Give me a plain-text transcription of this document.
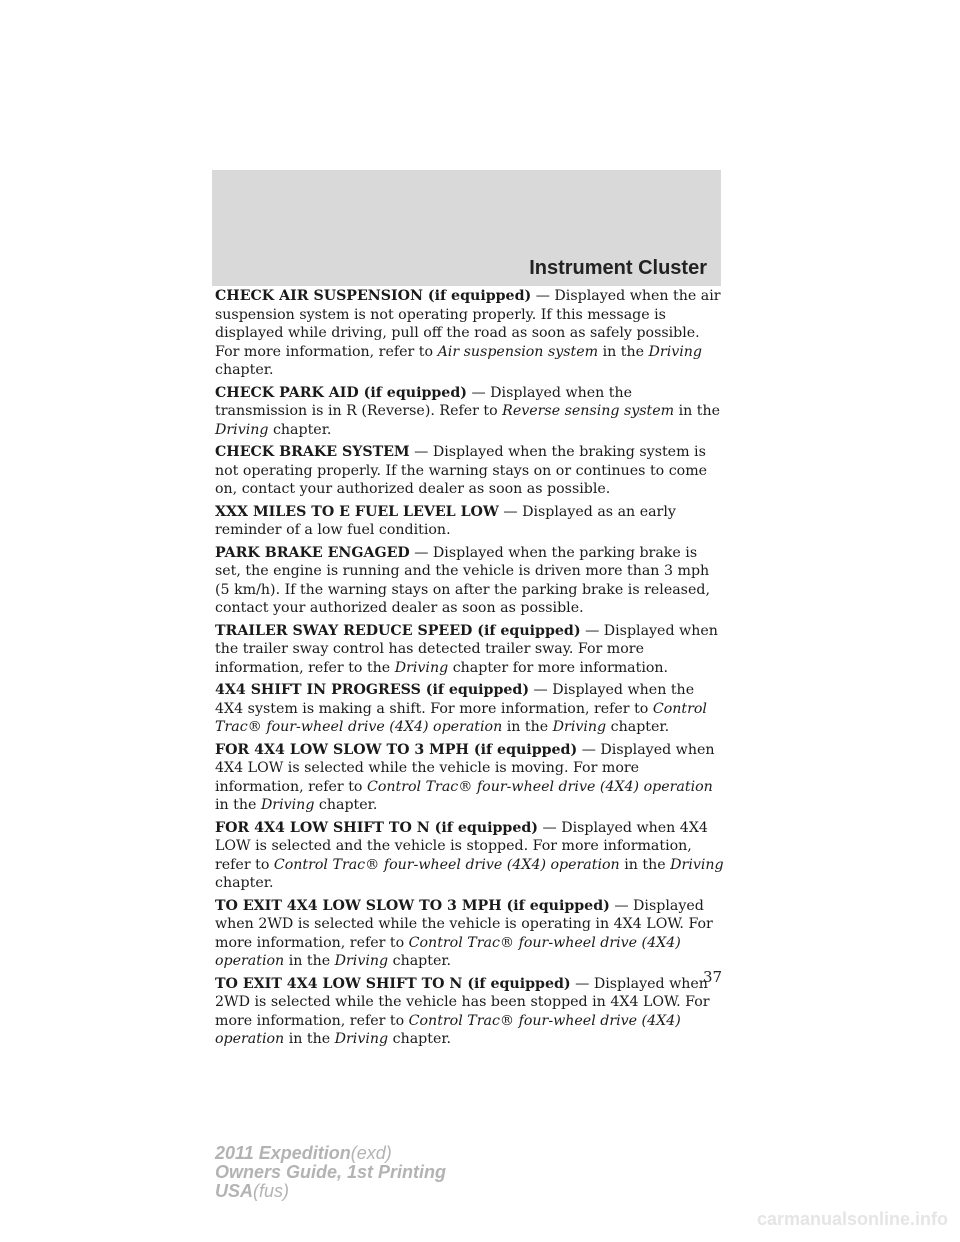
Instrument Cluster

CHECK AIR SUSPENSION (if equipped) — Displayed when the air suspension system is not operating properly. If this message is displayed while driving, pull off the road as soon as safely possible. For more information, refer to Air suspension system in the Driving chapter.

CHECK PARK AID (if equipped) — Displayed when the transmission is in R (Reverse). Refer to Reverse sensing system in the Driving chapter.

CHECK BRAKE SYSTEM — Displayed when the braking system is not operating properly. If the warning stays on or continues to come on, contact your authorized dealer as soon as possible.

XXX MILES TO E FUEL LEVEL LOW — Displayed as an early reminder of a low fuel condition.

PARK BRAKE ENGAGED — Displayed when the parking brake is set, the engine is running and the vehicle is driven more than 3 mph (5 km/h). If the warning stays on after the parking brake is released, contact your authorized dealer as soon as possible.

TRAILER SWAY REDUCE SPEED (if equipped) — Displayed when the trailer sway control has detected trailer sway. For more information, refer to the Driving chapter for more information.

4X4 SHIFT IN PROGRESS (if equipped) — Displayed when the 4X4 system is making a shift. For more information, refer to Control Trac® four-wheel drive (4X4) operation in the Driving chapter.

FOR 4X4 LOW SLOW TO 3 MPH (if equipped) — Displayed when 4X4 LOW is selected while the vehicle is moving. For more information, refer to Control Trac® four-wheel drive (4X4) operation in the Driving chapter.

FOR 4X4 LOW SHIFT TO N (if equipped) — Displayed when 4X4 LOW is selected and the vehicle is stopped. For more information, refer to Control Trac® four-wheel drive (4X4) operation in the Driving chapter.

TO EXIT 4X4 LOW SLOW TO 3 MPH (if equipped) — Displayed when 2WD is selected while the vehicle is operating in 4X4 LOW. For more information, refer to Control Trac® four-wheel drive (4X4) operation in the Driving chapter.

TO EXIT 4X4 LOW SHIFT TO N (if equipped) — Displayed when 2WD is selected while the vehicle has been stopped in 4X4 LOW. For more information, refer to Control Trac® four-wheel drive (4X4) operation in the Driving chapter.

37
2011 Expedition(exd)
Owners Guide, 1st Printing
USA(fus)
carmanualsonline.info
